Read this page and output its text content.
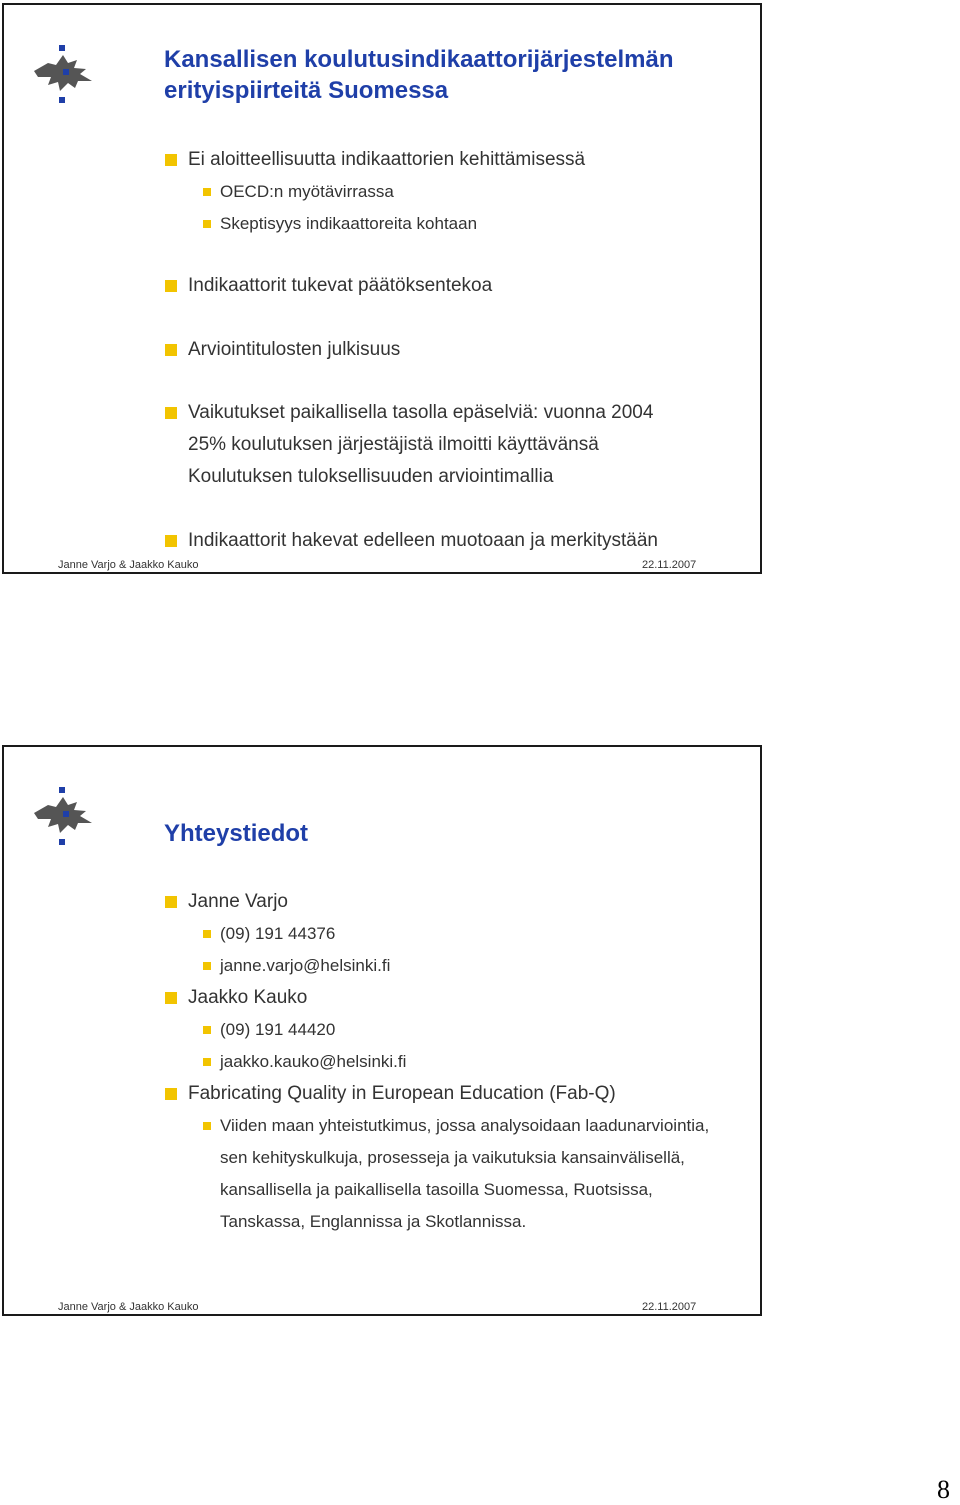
Kansallisen koulutusindikaattorijärjestelmän erityispiirteitä Suomessa
Ei aloitteellisuutta indikaattorien kehittämisessä
OECD:n myötävirrassa
Skeptisyys indikaattoreita kohtaan
Indikaattorit tukevat päätöksentekoa
Arviointitulosten julkisuus
Vaikutukset paikallisella tasolla epäselviä: vuonna 2004 25% koulutuksen järjestäjistä ilmoitti käyttävänsä Koulutuksen tuloksellisuuden arviointimallia
Indikaattorit hakevat edelleen muotoaan ja merkitystään
Janne Varjo & Jaakko Kauko	22.11.2007
Yhteystiedot
Janne Varjo
(09) 191 44376
janne.varjo@helsinki.fi
Jaakko Kauko
(09) 191 44420
jaakko.kauko@helsinki.fi
Fabricating Quality in European Education (Fab-Q)
Viiden maan yhteistutkimus, jossa analysoidaan laadunarviointia, sen kehityskulkuja, prosesseja ja vaikutuksia kansainvälisellä, kansallisella ja paikallisella tasoilla Suomessa, Ruotsissa, Tanskassa, Englannissa ja Skotlannissa.
Janne Varjo & Jaakko Kauko	22.11.2007
8
